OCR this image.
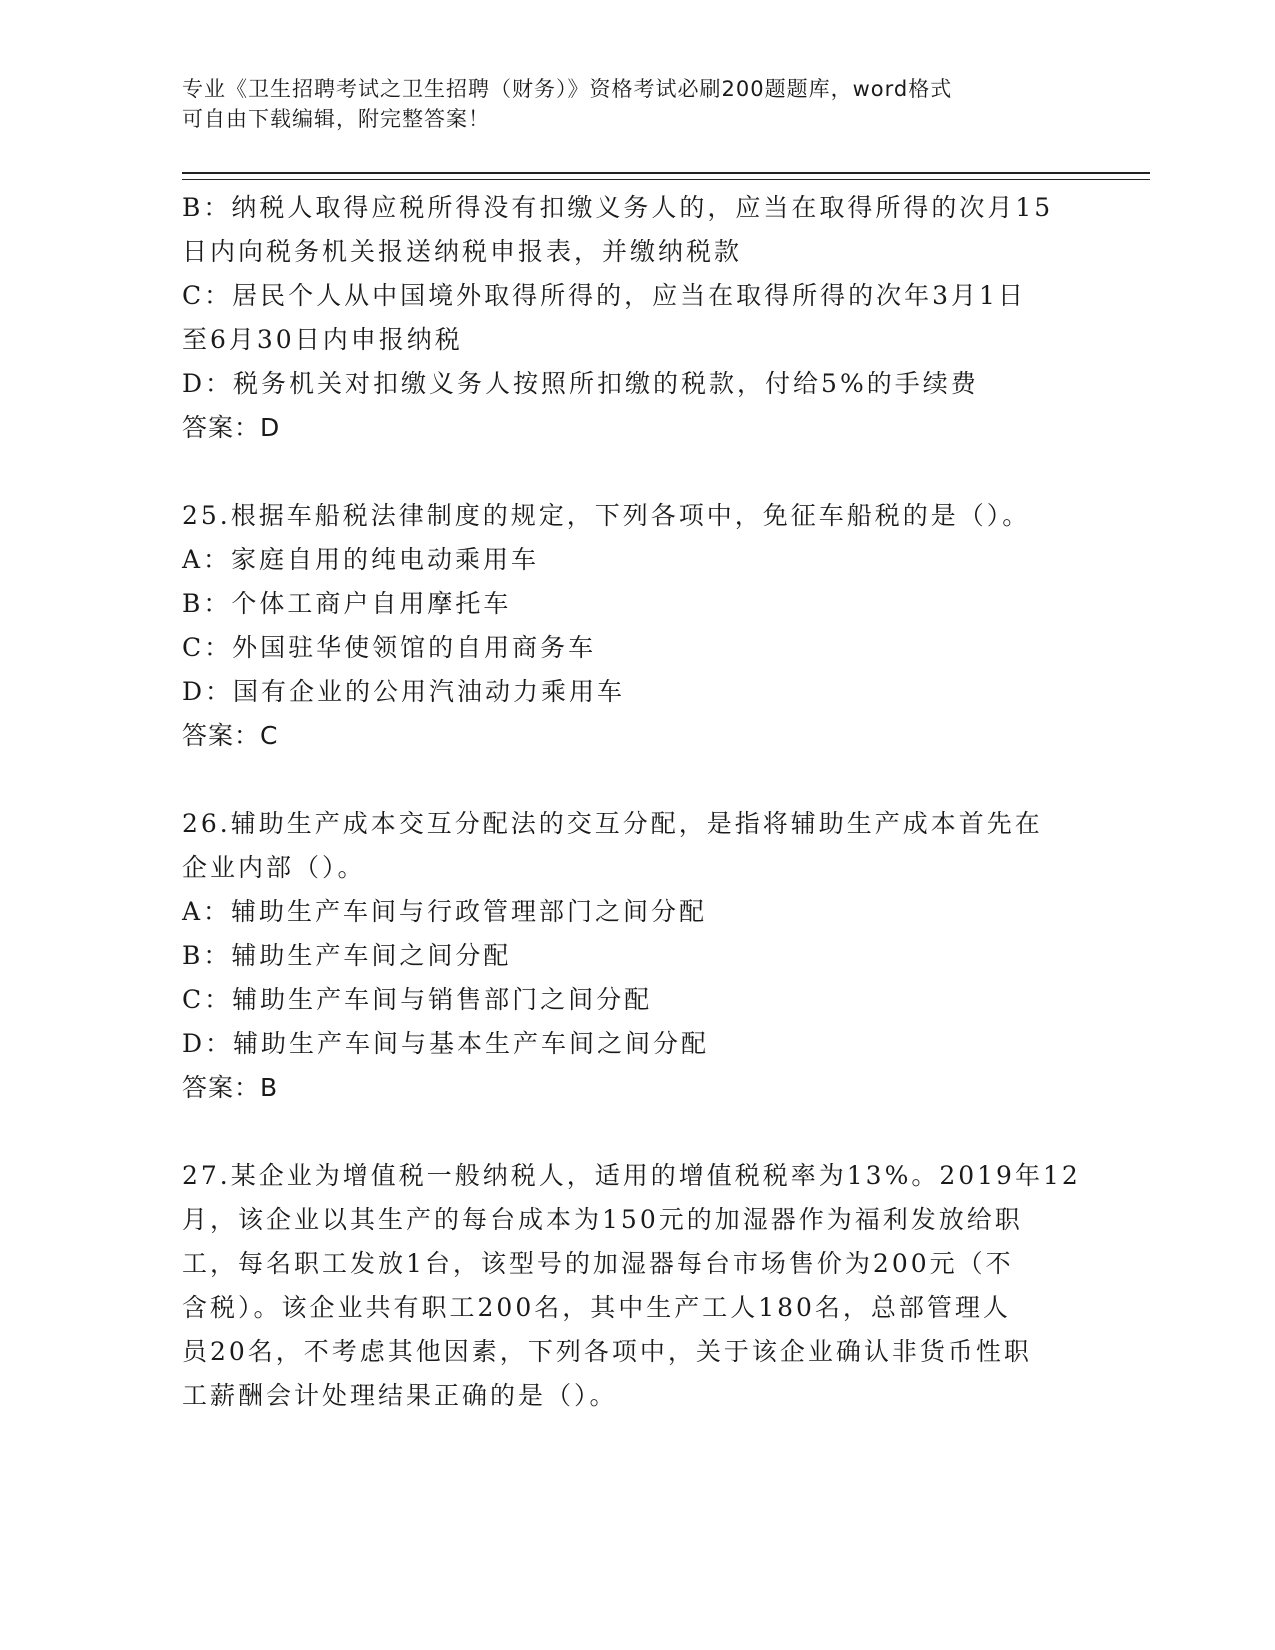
专业《卫生招聘考试之卫生招聘（财务）》资格考试必刷200题题库，word格式
可自由下载编辑，附完整答案！
B：纳税人取得应税所得没有扣缴义务人的，应当在取得所得的次月15
日内向税务机关报送纳税申报表，并缴纳税款
C：居民个人从中国境外取得所得的，应当在取得所得的次年3月1日
至6月30日内申报纳税
D：税务机关对扣缴义务人按照所扣缴的税款，付给5%的手续费
答案：D
25.根据车船税法律制度的规定，下列各项中，免征车船税的是（）。
A：家庭自用的纯电动乘用车
B：个体工商户自用摩托车
C：外国驻华使领馆的自用商务车
D：国有企业的公用汽油动力乘用车
答案：C
26.辅助生产成本交互分配法的交互分配，是指将辅助生产成本首先在
企业内部（）。
A：辅助生产车间与行政管理部门之间分配
B：辅助生产车间之间分配
C：辅助生产车间与销售部门之间分配
D：辅助生产车间与基本生产车间之间分配
答案：B
27.某企业为增值税一般纳税人，适用的增值税税率为13%。2019年12
月，该企业以其生产的每台成本为150元的加湿器作为福利发放给职
工，每名职工发放1台，该型号的加湿器每台市场售价为200元（不
含税）。该企业共有职工200名，其中生产工人180名，总部管理人
员20名，不考虑其他因素，下列各项中，关于该企业确认非货币性职
工薪酬会计处理结果正确的是（）。
